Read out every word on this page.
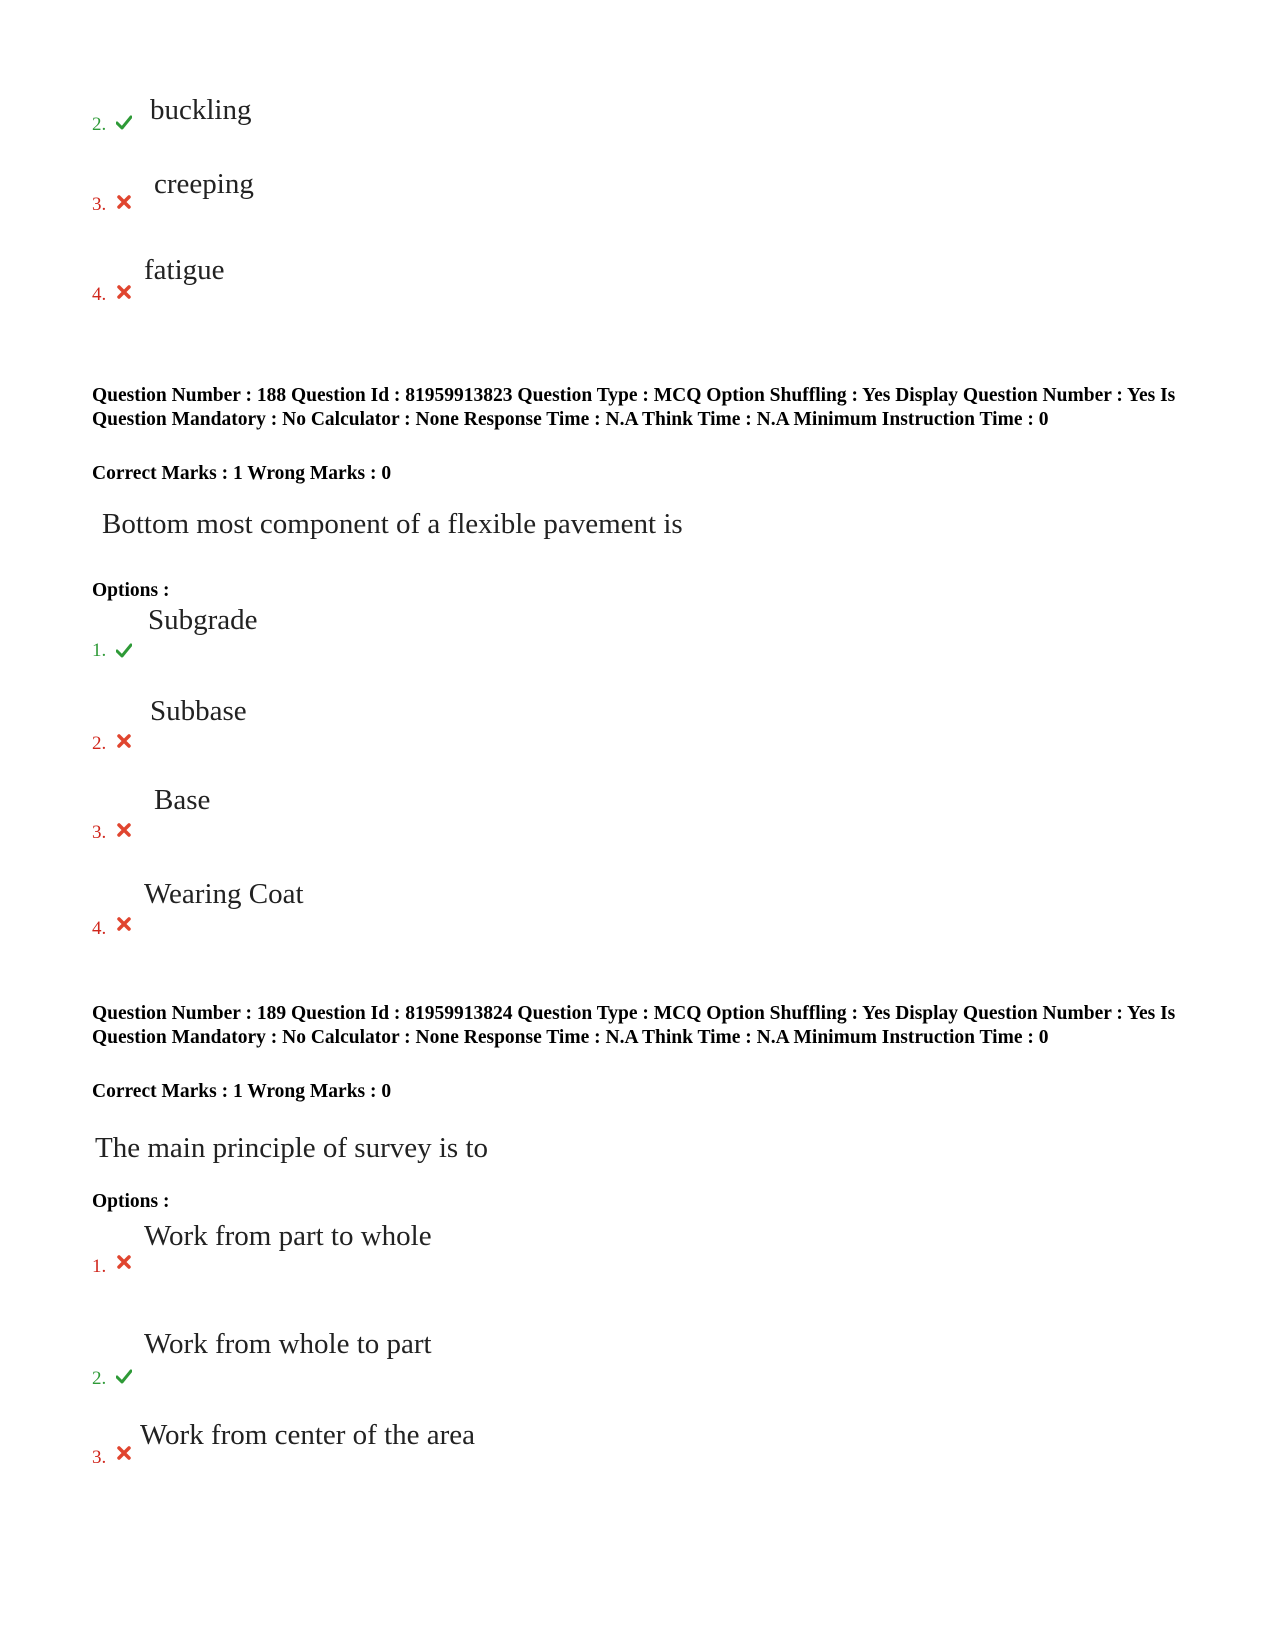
2. buckling
3.
creeping
4.
fatigue
Question Number : 188 Question Id : 81959913823 Question Type : MCQ Option Shuffling : Yes Display Question Number : Yes Is Question Mandatory : No Calculator : None Response Time : N.A Think Time : N.A Minimum Instruction Time : 0
Correct Marks : 1 Wrong Marks : 0
Bottom most component of a flexible pavement is
Options :
1.
Subgrade
2.
Subbase
3.
Base
4.
Wearing Coat
Question Number : 189 Question Id : 81959913824 Question Type : MCQ Option Shuffling : Yes Display Question Number : Yes Is Question Mandatory : No Calculator : None Response Time : N.A Think Time : N.A Minimum Instruction Time : 0
Correct Marks : 1 Wrong Marks : 0
The main principle of survey is to
Options :
1.
Work from part to whole
2.
Work from whole to part
3.
Work from center of the area
